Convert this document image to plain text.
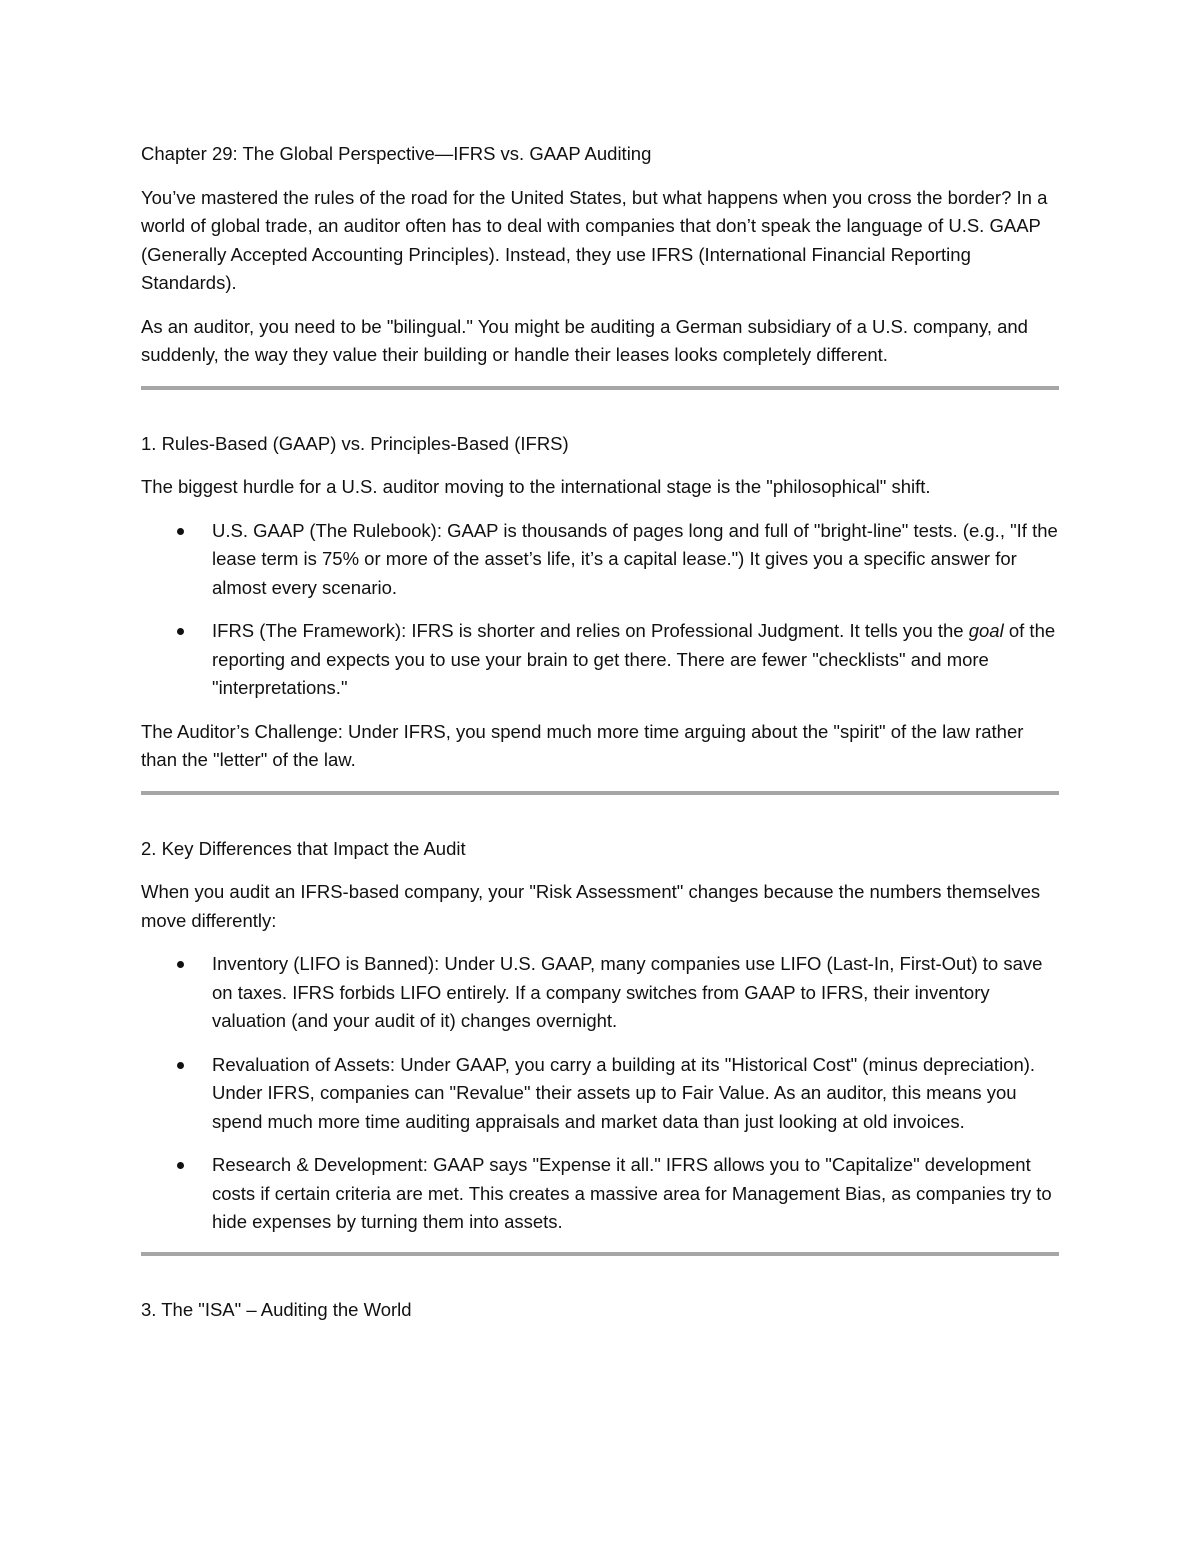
Chapter 29: The Global Perspective—IFRS vs. GAAP Auditing

You’ve mastered the rules of the road for the United States, but what happens when you cross the border? In a world of global trade, an auditor often has to deal with companies that don’t speak the language of U.S. GAAP (Generally Accepted Accounting Principles). Instead, they use IFRS (International Financial Reporting Standards).

As an auditor, you need to be "bilingual." You might be auditing a German subsidiary of a U.S. company, and suddenly, the way they value their building or handle their leases looks completely different.

1. Rules-Based (GAAP) vs. Principles-Based (IFRS)

The biggest hurdle for a U.S. auditor moving to the international stage is the "philosophical" shift.

U.S. GAAP (The Rulebook): GAAP is thousands of pages long and full of "bright-line" tests. (e.g., "If the lease term is 75% or more of the asset’s life, it’s a capital lease.") It gives you a specific answer for almost every scenario.
IFRS (The Framework): IFRS is shorter and relies on Professional Judgment. It tells you the goal of the reporting and expects you to use your brain to get there. There are fewer "checklists" and more "interpretations."

The Auditor’s Challenge: Under IFRS, you spend much more time arguing about the "spirit" of the law rather than the "letter" of the law.

2. Key Differences that Impact the Audit

When you audit an IFRS-based company, your "Risk Assessment" changes because the numbers themselves move differently:

Inventory (LIFO is Banned): Under U.S. GAAP, many companies use LIFO (Last-In, First-Out) to save on taxes. IFRS forbids LIFO entirely. If a company switches from GAAP to IFRS, their inventory valuation (and your audit of it) changes overnight.
Revaluation of Assets: Under GAAP, you carry a building at its "Historical Cost" (minus depreciation). Under IFRS, companies can "Revalue" their assets up to Fair Value. As an auditor, this means you spend much more time auditing appraisals and market data than just looking at old invoices.
Research & Development: GAAP says "Expense it all." IFRS allows you to "Capitalize" development costs if certain criteria are met. This creates a massive area for Management Bias, as companies try to hide expenses by turning them into assets.

3. The "ISA" – Auditing the World
